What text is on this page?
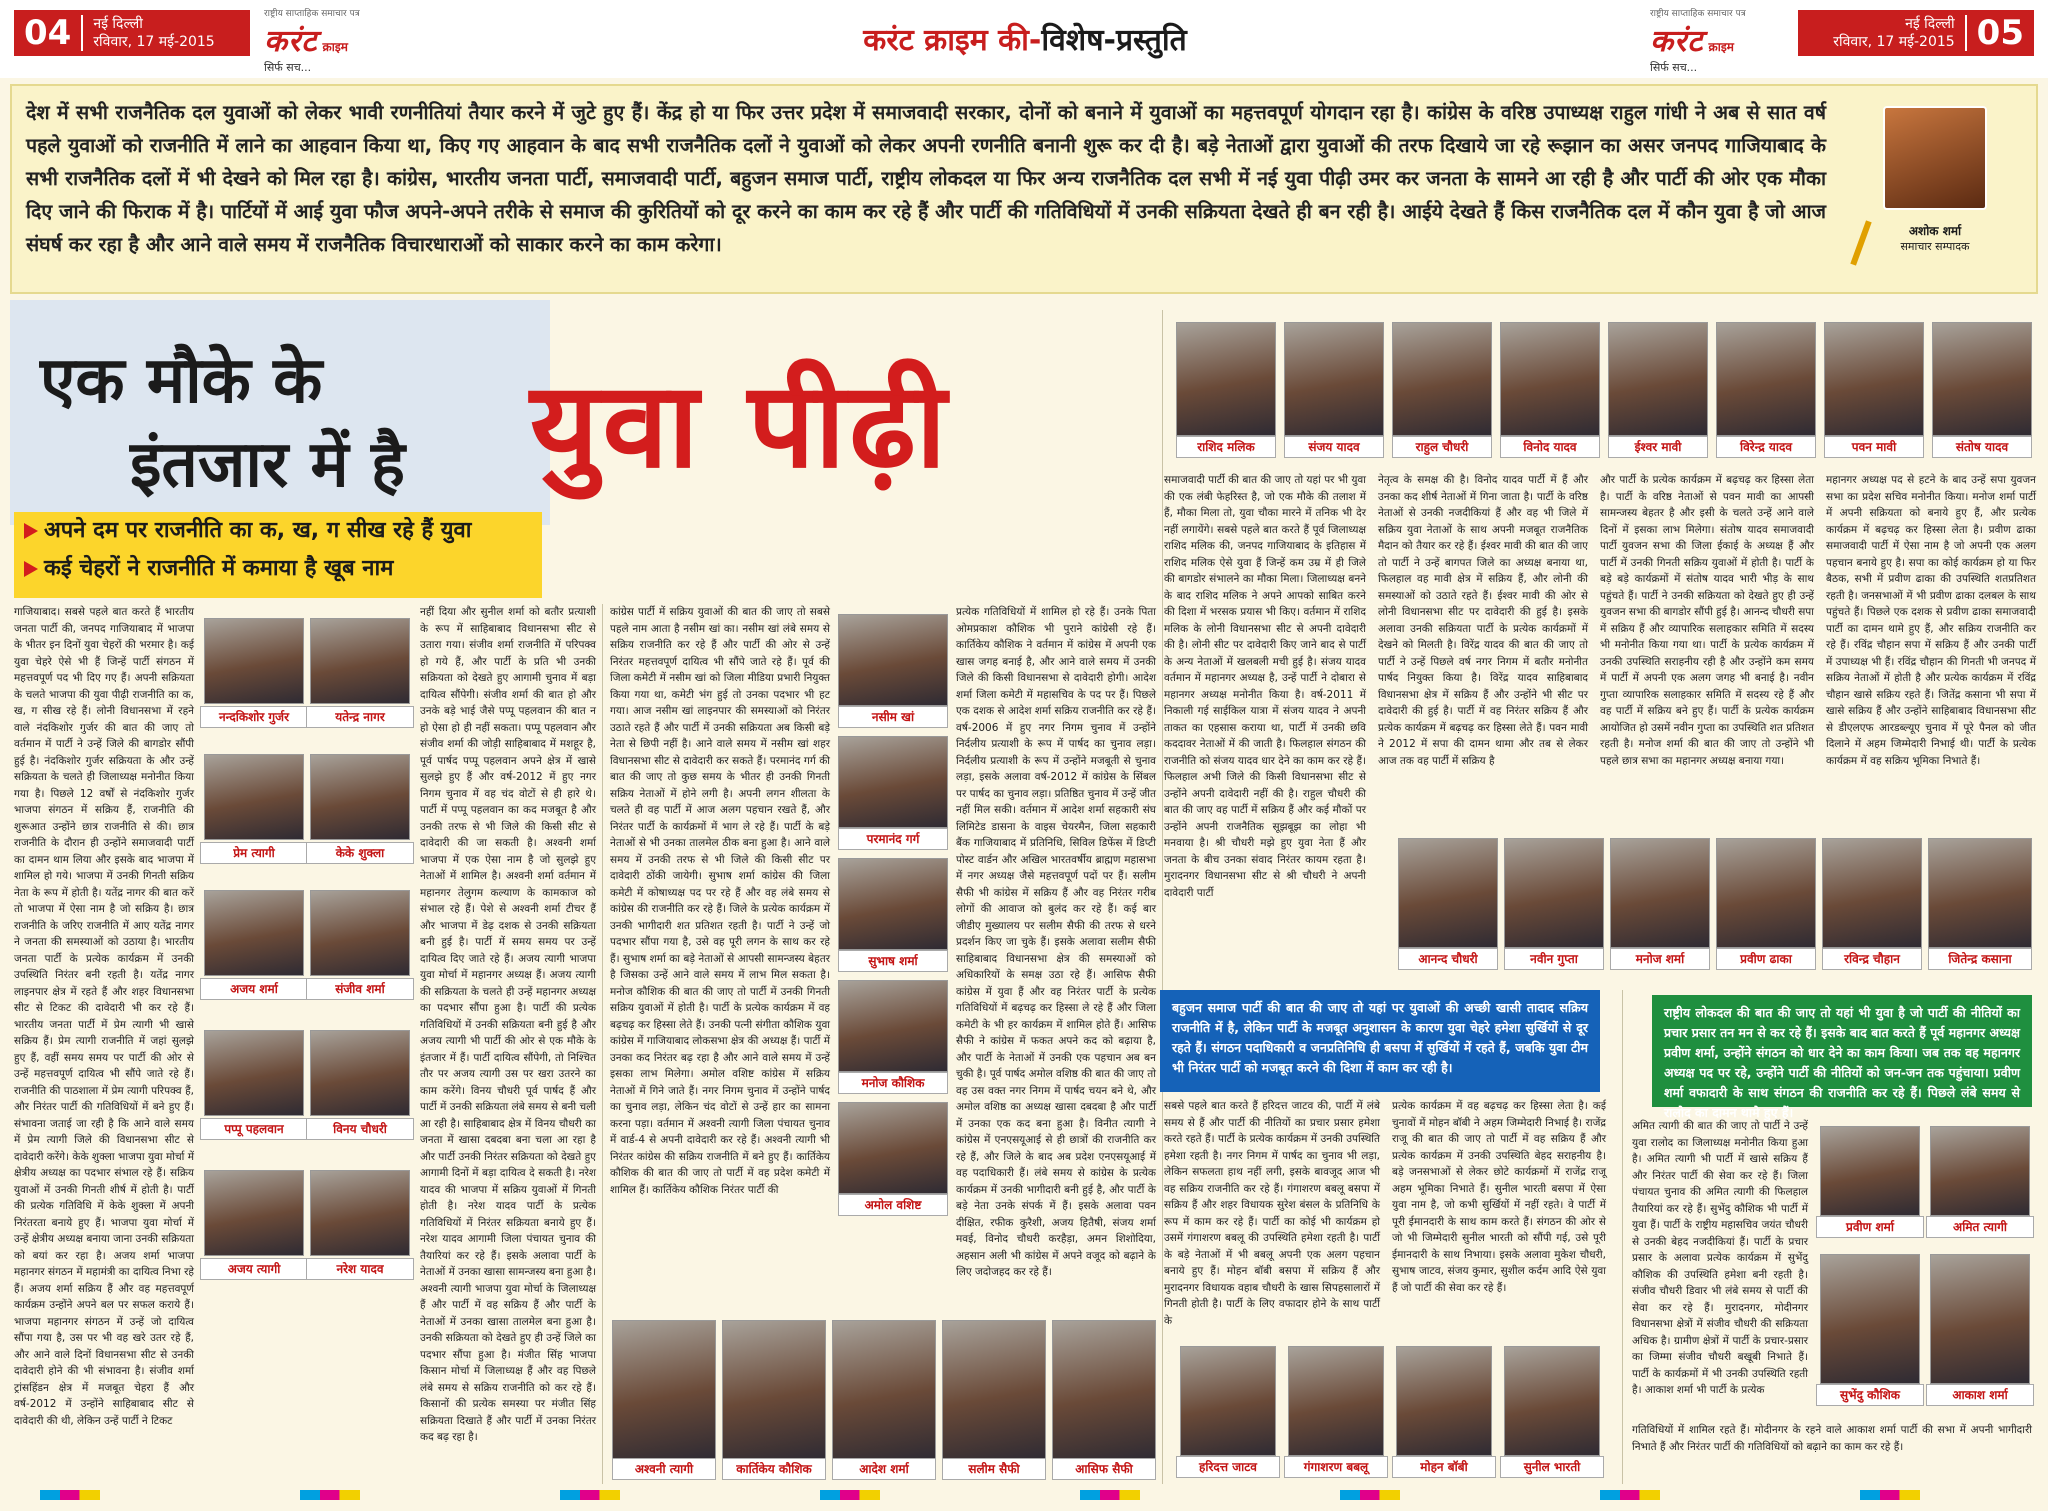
04	नई दिल्ली
रविवार, 17 मई-2015
राष्ट्रीय साप्ताहिक समाचार पत्र
करंट क्राइम
सिर्फ सच...
करंट क्राइम की-विशेष-प्रस्तुति
राष्ट्रीय साप्ताहिक समाचार पत्र
करंट क्राइम
सिर्फ सच...
नई दिल्ली
रविवार, 17 मई-2015 05

देश में सभी राजनैतिक दल युवाओं को लेकर भावी रणनीतियां तैयार करने में जुटे हुए हैं। केंद्र हो या फिर उत्तर प्रदेश में समाजवादी सरकार, दोनों को बनाने में युवाओं का महत्तवपूर्ण योगदान रहा है। कांग्रेस के वरिष्ठ उपाध्यक्ष राहुल गांधी ने अब से सात वर्ष पहले युवाओं को राजनीति में लाने का आहवान किया था, किए गए आहवान के बाद सभी राजनैतिक दलों ने युवाओं को लेकर अपनी रणनीति बनानी शुरू कर दी है। बड़े नेताओं द्वारा युवाओं की तरफ दिखाये जा रहे रूझान का असर जनपद गाजियाबाद के सभी राजनैतिक दलों में भी देखने को मिल रहा है। कांग्रेस, भारतीय जनता पार्टी, समाजवादी पार्टी, बहुजन समाज पार्टी, राष्ट्रीय लोकदल या फिर अन्य राजनैतिक दल सभी में नई युवा पीढ़ी उमर कर जनता के सामने आ रही है और पार्टी की ओर एक मौका दिए जाने की फिराक में है। पार्टियों में आई युवा फौज अपने-अपने तरीके से समाज की कुरितियों को दूर करने का काम कर रहे हैं और पार्टी की गतिविधियों में उनकी सक्रियता देखते ही बन रही है। आईये देखते हैं किस राजनैतिक दल में कौन युवा है जो आज संघर्ष कर रहा है और आने वाले समय में राजनैतिक विचारधाराओं को साकार करने का काम करेगा।

अशोक शर्मा
समाचार सम्पादक
एक मौके के
इंतजार में है युवा पीढ़ी
अपने दम पर राजनीति का क, ख, ग सीख रहे हैं युवा
कई चेहरों ने राजनीति में कमाया है खूब नाम
गाजियाबाद। सबसे पहले बात करते हैं भारतीय जनता पार्टी की, जनपद गाजियाबाद में भाजपा के भीतर इन दिनों युवा चेहरों की भरमार है। कई युवा चेहरे ऐसे भी हैं जिन्हें पार्टी संगठन में महत्तवपूर्ण पद भी दिए गए हैं। अपनी सक्रियता के चलते भाजपा की युवा पीढ़ी राजनीति का क, ख, ग सीख रहे हैं। लोनी विधानसभा में रहने वाले नंदकिशोर गुर्जर की बात की जाए तो वर्तमान में पार्टी ने उन्हें जिले की बागडोर सौंपी हुई है। नंदकिशोर गुर्जर सक्रियता के और उन्हें सक्रियता के चलते ही जिलाध्यक्ष मनोनीत किया गया है। पिछले 12 वर्षों से नंदकिशोर गुर्जर भाजपा संगठन में सक्रिय हैं, राजनीति की शुरूआत उन्होंने छात्र राजनीति से की। छात्र राजनीति के दौरान ही उन्होंने समाजवादी पार्टी का दामन थाम लिया और इसके बाद भाजपा में शामिल हो गये। भाजपा में उनकी गिनती सक्रिय नेता के रूप में होती है। यतेंद्र नागर की बात करें तो भाजपा में ऐसा नाम है जो सक्रिय है। छात्र राजनीति के जरिए राजनीति में आए यतेंद्र नागर ने जनता की समस्याओं को उठाया है। भारतीय जनता पार्टी के प्रत्येक कार्यक्रम में उनकी उपस्थिति निरंतर बनी रहती है। यतेंद्र नागर लाइनपार क्षेत्र में रहते हैं और शहर विधानसभा सीट से टिकट की दावेदारी भी कर रहे हैं। भारतीय जनता पार्टी में प्रेम त्यागी भी खासे सक्रिय हैं। प्रेम त्यागी राजनीति में जहां सुलझे हुए हैं, वहीं समय समय पर पार्टी की ओर से उन्हें महत्तवपूर्ण दायित्व भी सौंपे जाते रहे हैं। राजनीति की पाठशाला में प्रेम त्यागी परिपक्व हैं, और निरंतर पार्टी की गतिविधियों में बने हुए हैं। संभावना जताई जा रही है कि आने वाले समय में प्रेम त्यागी जिले की विधानसभा सीट से दावेदारी करेंगे। केके शुक्ला भाजपा युवा मोर्चा में क्षेत्रीय अध्यक्ष का पदभार संभाल रहे हैं। सक्रिय युवाओं में उनकी गिनती शीर्ष में होती है। पार्टी की प्रत्येक गतिविधि में केके शुक्ला में अपनी निरंतरता बनाये हुए हैं। भाजपा युवा मोर्चा में उन्हें क्षेत्रीय अध्यक्ष बनाया जाना उनकी सक्रियता को बयां कर रहा है। अजय शर्मा भाजपा महानगर संगठन में महामंत्री का दायित्व निभा रहे हैं। अजय शर्मा सक्रिय हैं और वह महत्तवपूर्ण कार्यक्रम उन्होंने अपने बल पर सफल कराये हैं। भाजपा महानगर संगठन में उन्हें जो दायित्व सौंपा गया है, उस पर भी वह खरे उतर रहे हैं, और आने वाले दिनों विधानसभा सीट से उनकी दावेदारी होने की भी संभावना है। संजीव शर्मा ट्रांसहिंडन क्षेत्र में मजबूत चेहरा हैं और वर्ष-2012 में उन्होंने साहिबाबाद सीट से दावेदारी की थी, लेकिन उन्हें पार्टी ने टिकट
नन्दकिशोर गुर्जर	यतेन्द्र नागर
प्रेम त्यागी	केके शुक्ला
अजय शर्मा	संजीव शर्मा
पप्पू पहलवान	विनय चौधरी
अजय त्यागी	नरेश यादव
नहीं दिया और सुनील शर्मा को बतौर प्रत्याशी के रूप में साहिबाबाद विधानसभा सीट से उतारा गया। संजीव शर्मा राजनीति में परिपक्व हो गये हैं, और पार्टी के प्रति भी उनकी सक्रियता को देखते हुए आगामी चुनाव में बड़ा दायित्व सौंपेगी। संजीव शर्मा की बात हो और उनके बड़े भाई जैसे पप्पू पहलवान की बात न हो ऐसा हो ही नहीं सकता। पप्पू पहलवान और संजीव शर्मा की जोड़ी साहिबाबाद में मशहूर है, पूर्व पार्षद पप्पू पहलवान अपने क्षेत्र में खासे सुलझे हुए हैं और वर्ष-2012 में हुए नगर निगम चुनाव में वह चंद वोटों से ही हारे थे। पार्टी में पप्पू पहलवान का कद मजबूत है और उनकी तरफ से भी जिले की किसी सीट से दावेदारी की जा सकती है। अश्वनी शर्मा भाजपा में एक ऐसा नाम है जो सुलझे हुए नेताओं में शामिल है। अश्वनी शर्मा वर्तमान में महानगर तेलुगम कल्याण के कामकाज को संभाल रहे हैं। पेशे से अश्वनी शर्मा टीचर हैं और भाजपा में डेढ़ दशक से उनकी सक्रियता बनी हुई है। पार्टी में समय समय पर उन्हें दायित्व दिए जाते रहे हैं। अजय त्यागी भाजपा युवा मोर्चा में महानगर अध्यक्ष हैं। अजय त्यागी की सक्रियता के चलते ही उन्हें महानगर अध्यक्ष का पदभार सौंपा हुआ है। पार्टी की प्रत्येक गतिविधियों में उनकी सक्रियता बनी हुई है और अजय त्यागी भी पार्टी की ओर से एक मौके के इंतजार में हैं। पार्टी दायित्व सौंपेगी, तो निश्चित तौर पर अजय त्यागी उस पर खरा उतरने का काम करेंगे। विनय चौधरी पूर्व पार्षद हैं और पार्टी में उनकी सक्रियता लंबे समय से बनी चली आ रही है। साहिबाबाद क्षेत्र में विनय चौधरी का जनता में खासा दबदबा बना चला आ रहा है और पार्टी उनकी निरंतर सक्रियता को देखते हुए आगामी दिनों में बड़ा दायित्व दे सकती है। नरेश यादव की भाजपा में सक्रिय युवाओं में गिनती होती है। नरेश यादव पार्टी के प्रत्येक गतिविधियों में निरंतर सक्रियता बनाये हुए हैं। नरेश यादव आगामी जिला पंचायत चुनाव की तैयारियां कर रहे हैं। इसके अलावा पार्टी के नेताओं में उनका खासा सामन्जस्य बना हुआ है। अश्वनी त्यागी भाजपा युवा मोर्चा के जिलाध्यक्ष हैं और पार्टी में वह सक्रिय हैं और पार्टी के नेताओं में उनका खासा तालमेल बना हुआ है। उनकी सक्रियता को देखते हुए ही उन्हें जिले का पदभार सौंपा हुआ है। मंजीत सिंह भाजपा किसान मोर्चा में जिलाध्यक्ष हैं और वह पिछले लंबे समय से सक्रिय राजनीति को कर रहे हैं। किसानों की प्रत्येक समस्या पर मंजीत सिंह सक्रियता दिखाते हैं और पार्टी में उनका निरंतर कद बढ़ रहा है।
कांग्रेस पार्टी में सक्रिय युवाओं की बात की जाए तो सबसे पहले नाम आता है नसीम खां का। नसीम खां लंबे समय से सक्रिय राजनीति कर रहे हैं और पार्टी की ओर से उन्हें निरंतर महत्तवपूर्ण दायित्व भी सौंपे जाते रहे हैं। पूर्व की जिला कमेटी में नसीम खां को जिला मीडिया प्रभारी नियुक्त किया गया था, कमेटी भंग हुई तो उनका पदभार भी हट गया। आज नसीम खां लाइनपार की समस्याओं को निरंतर उठाते रहते हैं और पार्टी में उनकी सक्रियता अब किसी बड़े नेता से छिपी नहीं है। आने वाले समय में नसीम खां शहर विधानसभा सीट से दावेदारी कर सकते हैं। परमानंद गर्ग की बात की जाए तो कुछ समय के भीतर ही उनकी गिनती सक्रिय नेताओं में होने लगी है। अपनी लगन शीलता के चलते ही वह पार्टी में आज अलग पहचान रखते हैं, और निरंतर पार्टी के कार्यक्रमों में भाग ले रहे हैं। पार्टी के बड़े नेताओं से भी उनका तालमेल ठीक बना हुआ है। आने वाले समय में उनकी तरफ से भी जिले की किसी सीट पर दावेदारी ठोंकी जायेगी। सुभाष शर्मा कांग्रेस की जिला कमेटी में कोषाध्यक्ष पद पर रहे हैं और वह लंबे समय से कांग्रेस की राजनीति कर रहे हैं। जिले के प्रत्येक कार्यक्रम में उनकी भागीदारी शत प्रतिशत रहती है। पार्टी ने उन्हें जो पदभार सौंपा गया है, उसे वह पूरी लगन के साथ कर रहे हैं। सुभाष शर्मा का बड़े नेताओं से आपसी सामन्जस्य बेहतर है जिसका उन्हें आने वाले समय में लाभ मिल सकता है। मनोज कौशिक की बात की जाए तो पार्टी में उनकी गिनती सक्रिय युवाओं में होती है। पार्टी के प्रत्येक कार्यक्रम में वह बढ़चढ़ कर हिस्सा लेते हैं। उनकी पत्नी संगीता कौशिक युवा कांग्रेस में गाजियाबाद लोकसभा क्षेत्र की अध्यक्ष हैं। पार्टी में उनका कद निरंतर बढ़ रहा है और आने वाले समय में उन्हें इसका लाभ मिलेगा। अमोल वशिष्ट कांग्रेस में सक्रिय नेताओं में गिने जाते हैं। नगर निगम चुनाव में उन्होंने पार्षद का चुनाव लड़ा, लेकिन चंद वोटों से उन्हें हार का सामना करना पड़ा। वर्तमान में अश्वनी त्यागी जिला पंचायत चुनाव में वार्ड-4 से अपनी दावेदारी कर रहे हैं। अश्वनी त्यागी भी निरंतर कांग्रेस की सक्रिय राजनीति में बने हुए हैं। कार्तिकेय कौशिक की बात की जाए तो पार्टी में वह प्रदेश कमेटी में शामिल हैं। कार्तिकेय कौशिक निरंतर पार्टी की
नसीम खां
परमानंद गर्ग
सुभाष शर्मा
मनोज कौशिक
अमोल वशिष्ट
प्रत्येक गतिविधियों में शामिल हो रहे हैं। उनके पिता ओमप्रकाश कौशिक भी पुराने कांग्रेसी रहे हैं। कार्तिकेय कौशिक ने वर्तमान में कांग्रेस में अपनी एक खास जगह बनाई है, और आने वाले समय में उनकी जिले की किसी विधानसभा से दावेदारी होगी। आदेश शर्मा जिला कमेटी में महासचिव के पद पर हैं। पिछले एक दशक से आदेश शर्मा सक्रिय राजनीति कर रहे हैं। वर्ष-2006 में हुए नगर निगम चुनाव में उन्होंने निर्दलीय प्रत्याशी के रूप में पार्षद का चुनाव लड़ा। निर्दलीय प्रत्याशी के रूप में उन्होंने मजबूती से चुनाव लड़ा, इसके अलावा वर्ष-2012 में कांग्रेस के सिंबल पर पार्षद का चुनाव लड़ा। प्रतिष्ठित चुनाव में उन्हें जीत नहीं मिल सकी। वर्तमान में आदेश शर्मा सहकारी संघ लिमिटेड डासना के वाइस चेयरमैन, जिला सहकारी बैंक गाजियाबाद में प्रतिनिधि, सिविल डिफेंस में डिप्टी पोस्ट वार्डन और अखिल भारतवर्षीय ब्राह्मण महासभा में नगर अध्यक्ष जैसे महत्तवपूर्ण पदों पर हैं। सलीम सैफी भी कांग्रेस में सक्रिय हैं और वह निरंतर गरीब लोगों की आवाज को बुलंद कर रहे हैं। कई बार जीडीए मुख्यालय पर सलीम सैफी की तरफ से धरने प्रदर्शन किए जा चुके हैं। इसके अलावा सलीम सैफी साहिबाबाद विधानसभा क्षेत्र की समस्याओं को अधिकारियों के समक्ष उठा रहे हैं। आसिफ सैफी कांग्रेस में युवा हैं और वह निरंतर पार्टी के प्रत्येक गतिविधियों में बढ़चढ़ कर हिस्सा ले रहे हैं और जिला कमेटी के भी हर कार्यक्रम में शामिल होते हैं। आसिफ सैफी ने कांग्रेस में फकत अपने कद को बढ़ाया है, और पार्टी के नेताओं में उनकी एक पहचान अब बन चुकी है। पूर्व पार्षद अमोल वशिष्ठ की बात की जाए तो वह उस वक्त नगर निगम में पार्षद चयन बने थे, और अमोल वशिष्ठ का अध्यक्ष खासा दबदबा है और पार्टी में उनका एक कद बना हुआ है। विनीत त्यागी ने कांग्रेस में एनएसयूआई से ही छात्रों की राजनीति कर रहे हैं, और जिले के बाद अब प्रदेश एनएसयूआई में वह पदाधिकारी हैं। लंबे समय से कांग्रेस के प्रत्येक कार्यक्रम में उनकी भागीदारी बनी हुई है, और पार्टी के बड़े नेता उनके संपर्क में हैं। इसके अलावा पवन दीक्षित, रफीक कुरैशी, अजय हितैषी, संजय शर्मा मवई, विनोद चौधरी करहैड़ा, अमन शिशोदिया, अहसान अली भी कांग्रेस में अपने वजूद को बढ़ाने के लिए जदोजहद कर रहे हैं।
अश्वनी त्यागी	कार्तिकेय कौशिक	आदेश शर्मा	सलीम सैफी	आसिफ सैफी
राशिद मलिक	संजय यादव	राहुल चौधरी	विनोद यादव	ईश्वर मावी	विरेन्द्र यादव	पवन मावी	संतोष यादव
समाजवादी पार्टी की बात की जाए तो यहां पर भी युवा की एक लंबी फेहरिस्त है, जो एक मौके की तलाश में हैं, मौका मिला तो, युवा चौका मारने में तनिक भी देर नहीं लगायेंगे। सबसे पहले बात करते हैं पूर्व जिलाध्यक्ष राशिद मलिक की, जनपद गाजियाबाद के इतिहास में राशिद मलिक ऐसे युवा हैं जिन्हें कम उम्र में ही जिले की बागडोर संभालने का मौका मिला। जिलाध्यक्ष बनने के बाद राशिद मलिक ने अपने आपको साबित करने की दिशा में भरसक प्रयास भी किए। वर्तमान में राशिद मलिक के लोनी विधानसभा सीट से अपनी दावेदारी की है। लोनी सीट पर दावेदारी किए जाने बाद से पार्टी के अन्य नेताओं में खलबली मची हुई है। संजय यादव वर्तमान में महानगर अध्यक्ष है, उन्हें पार्टी ने दोबारा से महानगर अध्यक्ष मनोनीत किया है। वर्ष-2011 में निकाली गई साईकिल यात्रा में संजय यादव ने अपनी ताकत का एहसास कराया था, पार्टी में उनकी छवि कददावर नेताओं में की जाती है। फिलहाल संगठन की राजनीति को संजय यादव धार देने का काम कर रहे हैं। फिलहाल अभी जिले की किसी विधानसभा सीट से उन्होंने अपनी दावेदारी नहीं की है। राहुल चौधरी की बात की जाए वह पार्टी में सक्रिय हैं और कई मौकों पर उन्होंने अपनी राजनैतिक सूझबूझ का लोहा भी मनवाया है। श्री चौधरी मझे हुए युवा नेता हैं और जनता के बीच उनका संवाद निरंतर कायम रहता है। मुरादनगर विधानसभा सीट से श्री चौधरी ने अपनी दावेदारी पार्टी
नेतृत्व के समक्ष की है। विनोद यादव पार्टी में हैं और उनका कद शीर्ष नेताओं में गिना जाता है। पार्टी के वरिष्ठ नेताओं से उनकी नजदीकियां हैं और वह भी जिले में सक्रिय युवा नेताओं के साथ अपनी मजबूत राजनैतिक मैदान को तैयार कर रहे हैं। ईश्वर मावी की बात की जाए तो पार्टी ने उन्हें बागपत जिले का अध्यक्ष बनाया था, फिलहाल वह मावी क्षेत्र में सक्रिय हैं, और लोनी की समस्याओं को उठाते रहते हैं। ईश्वर मावी की ओर से लोनी विधानसभा सीट पर दावेदारी की हुई है। इसके अलावा उनकी सक्रियता पार्टी के प्रत्येक कार्यक्रमों में देखने को मिलती है। विरेंद्र यादव की बात की जाए तो पार्टी ने उन्हें पिछले वर्ष नगर निगम में बतौर मनोनीत पार्षद नियुक्त किया है। विरेंद्र यादव साहिबाबाद विधानसभा क्षेत्र में सक्रिय हैं और उन्होंने भी सीट पर दावेदारी की हुई है। पार्टी में वह निरंतर सक्रिय हैं और प्रत्येक कार्यक्रम में बढ़चढ़ कर हिस्सा लेते हैं। पवन मावी ने 2012 में सपा की दामन थामा और तब से लेकर आज तक वह पार्टी में सक्रिय है
और पार्टी के प्रत्येक कार्यक्रम में बढ़चढ़ कर हिस्सा लेता है। पार्टी के वरिष्ठ नेताओं से पवन मावी का आपसी सामन्जस्य बेहतर है और इसी के चलते उन्हें आने वाले दिनों में इसका लाभ मिलेगा। संतोष यादव समाजवादी पार्टी युवजन सभा की जिला ईकाई के अध्यक्ष हैं और पार्टी में उनकी गिनती सक्रिय युवाओं में होती है। पार्टी के बड़े बड़े कार्यक्रमों में संतोष यादव भारी भीड़ के साथ पहुंचते हैं। पार्टी ने उनकी सक्रियता को देखते हुए ही उन्हें युवजन सभा की बागडोर सौंपी हुई है। आनन्द चौधरी सपा में सक्रिय हैं और व्यापारिक सलाहकार समिति में सदस्य भी मनोनीत किया गया था। पार्टी के प्रत्येक कार्यक्रम में उनकी उपस्थिति सराहनीय रही है और उन्होंने कम समय में पार्टी में अपनी एक अलग जगह भी बनाई है। नवीन गुप्ता व्यापारिक सलाहकार समिति में सदस्य रहे हैं और वह पार्टी में सक्रिय बने हुए हैं। पार्टी के प्रत्येक कार्यक्रम आयोजित हो उसमें नवीन गुप्ता का उपस्थिति शत प्रतिशत रहती है। मनोज शर्मा की बात की जाए तो उन्होंने भी पहले छात्र सभा का महानगर अध्यक्ष बनाया गया।
महानगर अध्यक्ष पद से हटने के बाद उन्हें सपा युवजन सभा का प्रदेश सचिव मनोनीत किया। मनोज शर्मा पार्टी में अपनी सक्रियता को बनाये हुए हैं, और प्रत्येक कार्यक्रम में बढ़चढ़ कर हिस्सा लेता है। प्रवीण ढाका समाजवादी पार्टी में ऐसा नाम है जो अपनी एक अलग पहचान बनाये हुए है। सपा का कोई कार्यक्रम हो या फिर बैठक, सभी में प्रवीण ढाका की उपस्थिति शतप्रतिशत रहती है। जनसभाओं में भी प्रवीण ढाका दलबल के साथ पहुंचते हैं। पिछले एक दशक से प्रवीण ढाका समाजवादी पार्टी का दामन थामे हुए हैं, और सक्रिय राजनीति कर रहे हैं। रविंद्र चौहान सपा में सक्रिय हैं और उनकी पार्टी में उपाध्यक्ष भी हैं। रविंद्र चौहान की गिनती भी जनपद में सक्रिय नेताओं में होती है और प्रत्येक कार्यक्रम में रविंद्र चौहान खासे सक्रिय रहते हैं। जितेंद्र कसाना भी सपा में खासे सक्रिय हैं और उन्होंने साहिबाबाद विधानसभा सीट से डीएलएफ आरडब्ल्यूए चुनाव में पूरे पैनल को जीत दिलाने में अहम जिम्मेदारी निभाई थी। पार्टी के प्रत्येक कार्यक्रम में वह सक्रिय भूमिका निभाते हैं।
आनन्द चौधरी	नवीन गुप्ता	मनोज शर्मा	प्रवीण ढाका	रविन्द्र चौहान	जितेन्द्र कसाना
बहुजन समाज पार्टी की बात की जाए तो यहां पर युवाओं की अच्छी खासी तादाद सक्रिय राजनीति में है, लेकिन पार्टी के मजबूत अनुशासन के कारण युवा चेहरे हमेशा सुर्खियों से दूर रहते हैं। संगठन पदाधिकारी व जनप्रतिनिधि ही बसपा में सुर्खियों में रहते हैं, जबकि युवा टीम भी निरंतर पार्टी को मजबूत करने की दिशा में काम कर रही है।
सबसे पहले बात करते हैं हरिदत्त जाटव की, पार्टी में लंबे समय से हैं और पार्टी की नीतियों का प्रचार प्रसार हमेशा करते रहते हैं। पार्टी के प्रत्येक कार्यक्रम में उनकी उपस्थिति हमेशा रहती है। नगर निगम में पार्षद का चुनाव भी लड़ा, लेकिन सफलता हाथ नहीं लगी, इसके बावजूद आज भी वह सक्रिय राजनीति कर रहे हैं। गंगाशरण बबलू बसपा में सक्रिय हैं और शहर विधायक सुरेश बंसल के प्रतिनिधि के रूप में काम कर रहे हैं। पार्टी का कोई भी कार्यक्रम हो उसमें गंगाशरण बबलू की उपस्थिति हमेशा रहती है। पार्टी के बड़े नेताओं में भी बबलू अपनी एक अलग पहचान बनाये हुए हैं। मोहन बॉबी बसपा में सक्रिय हैं और मुरादनगर विधायक वहाब चौधरी के खास सिपहसालारों में गिनती होती है। पार्टी के लिए वफादार होने के साथ पार्टी के
प्रत्येक कार्यक्रम में वह बढ़चढ़ कर हिस्सा लेता है। कई चुनावों में मोहन बॉबी ने अहम जिम्मेदारी निभाई है। राजेंद्र राजू की बात की जाए तो पार्टी में वह सक्रिय हैं और प्रत्येक कार्यक्रम में उनकी उपस्थिति बेहद सराहनीय है। बड़े जनसभाओं से लेकर छोटे कार्यक्रमों में राजेंद्र राजू अहम भूमिका निभाते हैं। सुनील भारती बसपा में ऐसा युवा नाम है, जो कभी सुर्खियों में नहीं रहते। वे पार्टी में पूरी ईमानदारी के साथ काम करते हैं। संगठन की ओर से जो भी जिम्मेदारी सुनील भारती को सौंपी गई, उसे पूरी ईमानदारी के साथ निभाया। इसके अलावा मुकेश चौधरी, सुभाष जाटव, संजय कुमार, सुशील कर्दम आदि ऐसे युवा हैं जो पार्टी की सेवा कर रहे हैं।
हरिदत्त जाटव	गंगाशरण बबलू	मोहन बॉबी	सुनील भारती
राष्ट्रीय लोकदल की बात की जाए तो यहां भी युवा है जो पार्टी की नीतियों का प्रचार प्रसार तन मन से कर रहे हैं। इसके बाद बात करते हैं पूर्व महानगर अध्यक्ष प्रवीण शर्मा, उन्होंने संगठन को धार देने का काम किया। जब तक वह महानगर अध्यक्ष पद पर रहे, उन्होंने पार्टी की नीतियों को जन-जन तक पहुंचाया। प्रवीण शर्मा वफादारी के साथ संगठन की राजनीति कर रहे हैं। पिछले लंबे समय से रालोद का दामन थामे हुए हैं।
अमित त्यागी की बात की जाए तो पार्टी ने उन्हें युवा रालोद का जिलाध्यक्ष मनोनीत किया हुआ है। अमित त्यागी भी पार्टी में खासे सक्रिय हैं और निरंतर पार्टी की सेवा कर रहे हैं। जिला पंचायत चुनाव की अमित त्यागी की फिलहाल तैयारियां कर रहे हैं। सुभेंदु कौशिक भी पार्टी में युवा हैं। पार्टी के राष्ट्रीय महासचिव जयंत चौधरी से उनकी बेहद नजदीकियां हैं। पार्टी के प्रचार प्रसार के अलावा प्रत्येक कार्यक्रम में सुभेंदु कौशिक की उपस्थिति हमेशा बनी रहती है। संजीव चौधरी डिवार भी लंबे समय से पार्टी की सेवा कर रहे हैं। मुरादनगर, मोदीनगर विधानसभा क्षेत्रों में संजीव चौधरी की सक्रियता अधिक है। ग्रामीण क्षेत्रों में पार्टी के प्रचार-प्रसार का जिम्मा संजीव चौधरी बखूबी निभाते हैं। पार्टी के कार्यक्रमों में भी उनकी उपस्थिति रहती है। आकाश शर्मा भी पार्टी के प्रत्येक
गतिविधियों में शामिल रहते हैं। मोदीनगर के रहने वाले आकाश शर्मा पार्टी की सभा में अपनी भागीदारी निभाते हैं और निरंतर पार्टी की गतिविधियों को बढ़ाने का काम कर रहे हैं।
प्रवीण शर्मा	अमित त्यागी
सुभेंदु कौशिक	आकाश शर्मा
